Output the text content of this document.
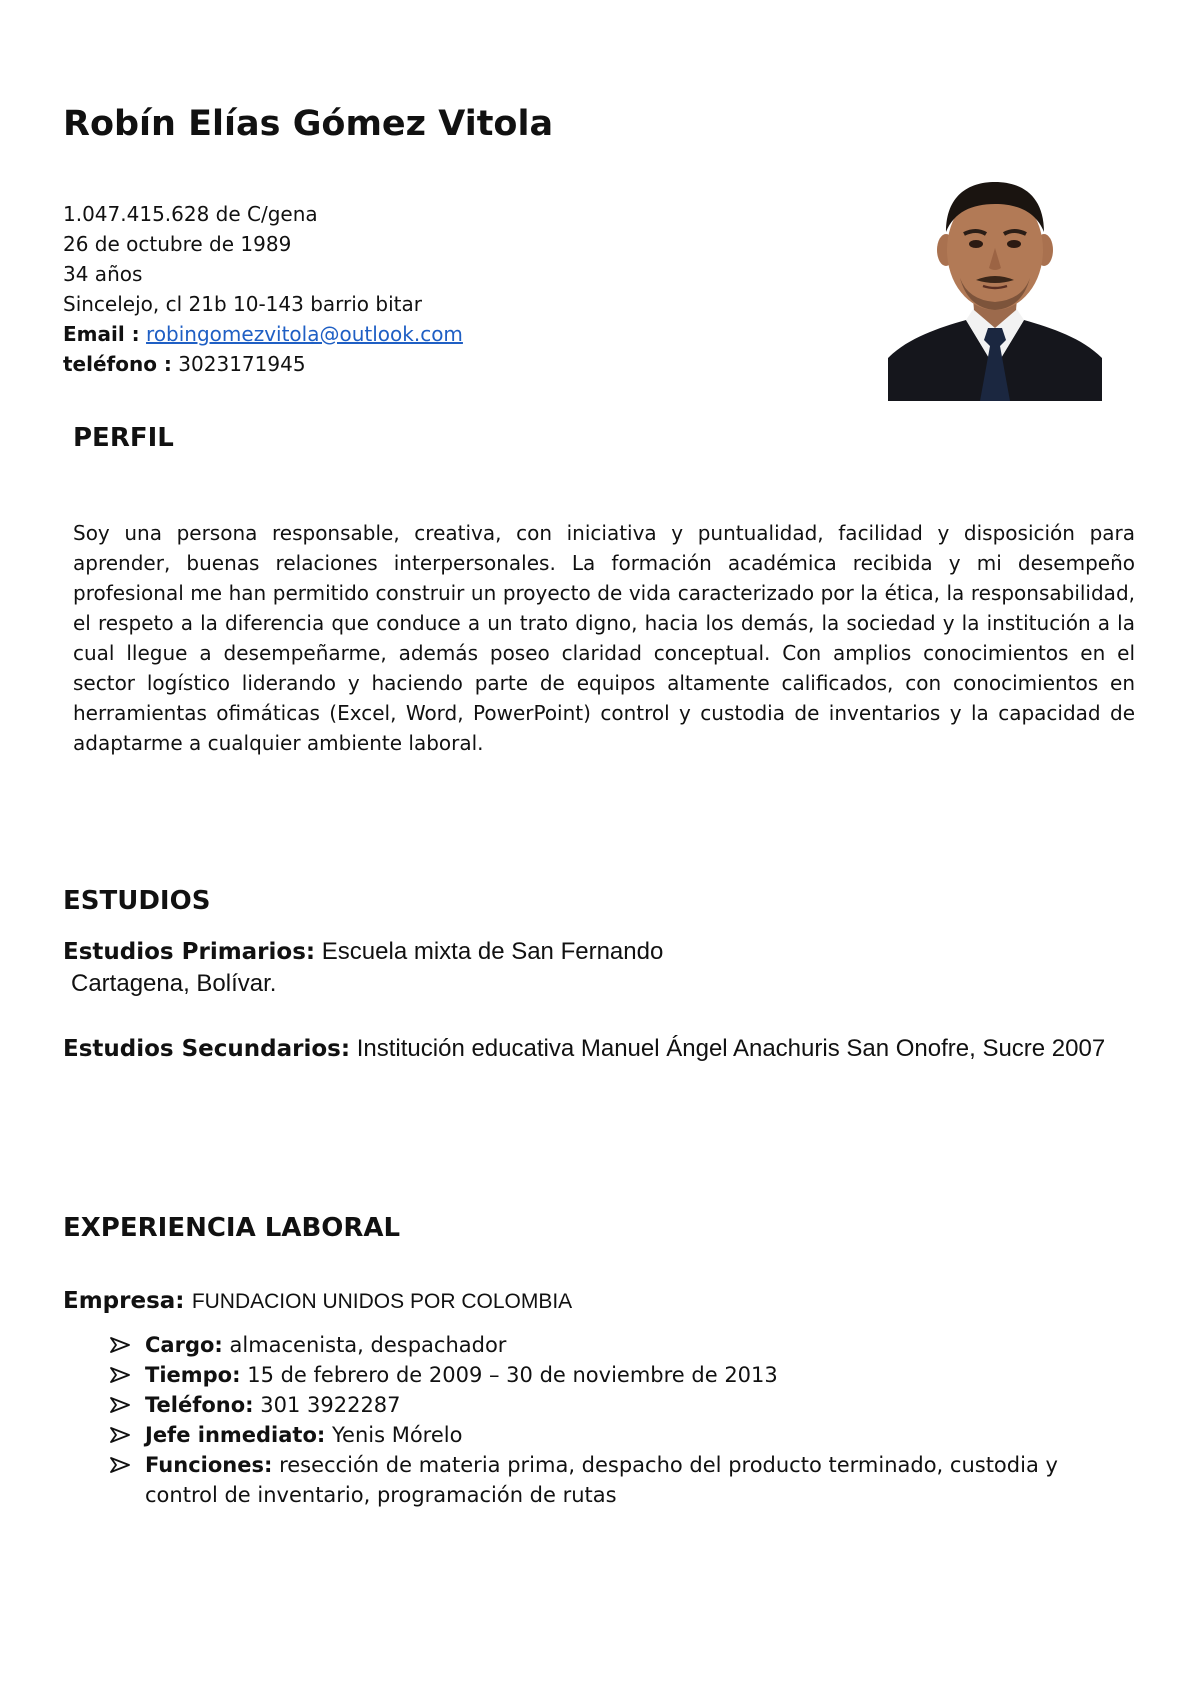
Robín Elías Gómez Vitola
1.047.415.628 de C/gena
26 de octubre de 1989
34 años
Sincelejo, cl 21b 10-143 barrio bitar
Email : robingomezvitola@outlook.com
teléfono : 3023171945
PERFIL

Soy una persona responsable, creativa, con iniciativa y puntualidad, facilidad y disposición para aprender, buenas relaciones interpersonales. La formación académica recibida y mi desempeño profesional me han permitido construir un proyecto de vida caracterizado por la ética, la responsabilidad, el respeto a la diferencia que conduce a un trato digno, hacia los demás, la sociedad y la institución a la cual llegue a desempeñarme, además poseo claridad conceptual. Con amplios conocimientos en el sector logístico liderando y haciendo parte de equipos altamente calificados, con conocimientos en herramientas ofimáticas (Excel, Word, PowerPoint) control y custodia de inventarios y la capacidad de adaptarme a cualquier ambiente laboral.

ESTUDIOS
Estudios Primarios: Escuela mixta de San Fernando
Cartagena, Bolívar.
Estudios Secundarios: Institución educativa Manuel Ángel Anachuris San Onofre, Sucre 2007
EXPERIENCIA LABORAL
Empresa: FUNDACION UNIDOS POR COLOMBIA
Cargo: almacenista, despachador
Tiempo: 15 de febrero de 2009 – 30 de noviembre de 2013
Teléfono: 301 3922287
Jefe inmediato: Yenis Mórelo
Funciones: resección de materia prima, despacho del producto terminado, custodia y control de inventario, programación de rutas
